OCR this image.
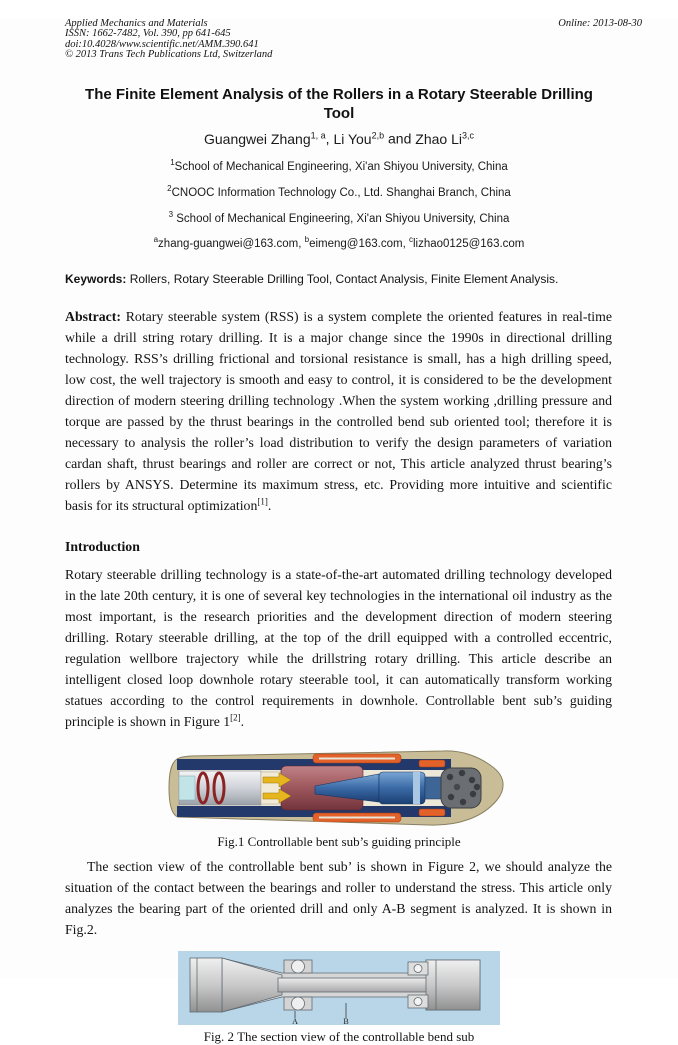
Applied Mechanics and Materials
ISSN: 1662-7482, Vol. 390, pp 641-645
doi:10.4028/www.scientific.net/AMM.390.641
© 2013 Trans Tech Publications Ltd, Switzerland
Online: 2013-08-30
The Finite Element Analysis of the Rollers in a Rotary Steerable Drilling
Tool
Guangwei Zhang$^{1, a}$, Li You$^{2,b}$ and Zhao Li$^{3,c}$
$^1$School of Mechanical Engineering, Xi'an Shiyou University, China
$^2$CNOOC Information Technology Co., Ltd. Shanghai Branch, China
$^3$ School of Mechanical Engineering, Xi'an Shiyou University, China
$^a$zhang-guangwei@163.com, $^b$eimeng@163.com, $^c$lizhao0125@163.com

Keywords: Rollers, Rotary Steerable Drilling Tool, Contact Analysis, Finite Element Analysis.

Abstract: Rotary steerable system (RSS) is a system complete the oriented features in real-time while a drill string rotary drilling. It is a major change since the 1990s in directional drilling technology. RSS’s drilling frictional and torsional resistance is small, has a high drilling speed, low cost, the well trajectory is smooth and easy to control, it is considered to be the development direction of modern steering drilling technology .When the system working ,drilling pressure and torque are passed by the thrust bearings in the controlled bend sub oriented tool; therefore it is necessary to analysis the roller’s load distribution to verify the design parameters of variation cardan shaft, thrust bearings and roller are correct or not, This article analyzed thrust bearing’s rollers by ANSYS. Determine its maximum stress, etc. Providing more intuitive and scientific basis for its structural optimization[1].

Introduction

Rotary steerable drilling technology is a state-of-the-art automated drilling technology developed in the late 20th century, it is one of several key technologies in the international oil industry as the most important, is the research priorities and the development direction of modern steering drilling. Rotary steerable drilling, at the top of the drill equipped with a controlled eccentric, regulation wellbore trajectory while the drillstring rotary drilling. This article describe an intelligent closed loop downhole rotary steerable tool, it can automatically transform working statues according to the control requirements in downhole. Controllable bent sub’s guiding principle is shown in Figure 1[2].

Fig.1 Controllable bent sub’s guiding principle

The section view of the controllable bent sub’ is shown in Figure 2, we should analyze the situation of the contact between the bearings and roller to understand the stress. This article only analyzes the bearing part of the oriented drill and only A-B segment is analyzed. It is shown in Fig.2.

A	B
Fig. 2 The section view of the controllable bend sub
